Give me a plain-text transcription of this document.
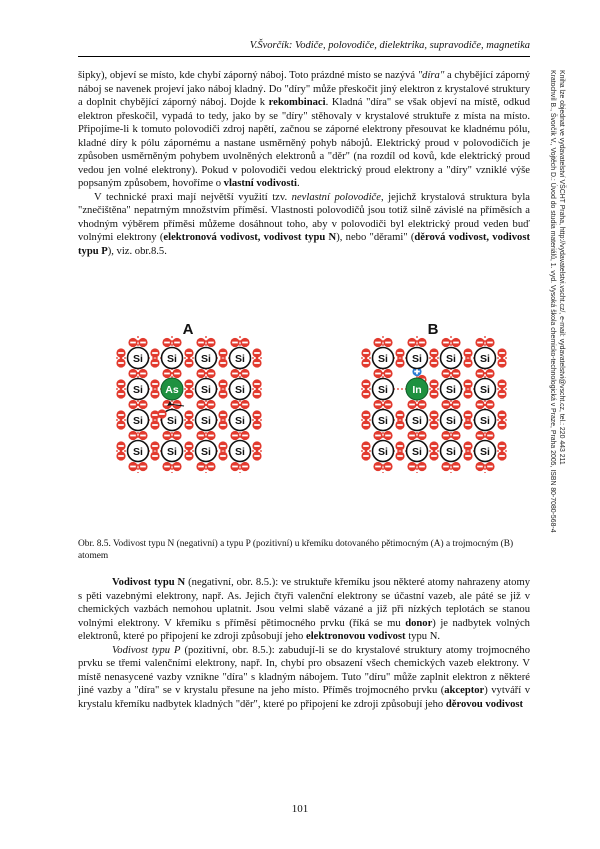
V.Švorčík: Vodiče, polovodiče, dielektrika, supravodiče, magnetika
Kratochvíl B., Švorčík V., Vojtěch D.: Úvod do studia materiálů, 1. vyd. Vysoká škola chemicko-technologická v Praze, Praha 2005, ISBN 80-7080-568-4 Kniha lze objednat ve vydavatelství VŠCHT Praha, http://vydavatelstvi.vscht.cz/, e-mail: vydavatelstvi@vscht.cz, tel.: 220 443 211

šipky), objeví se místo, kde chybí záporný náboj. Toto prázdné místo se nazývá "díra" a chybějící záporný náboj se navenek projeví jako náboj kladný. Do "díry" může přeskočit jiný elektron z krystalové struktury a doplnit chybějící záporný náboj. Dojde k rekombinaci. Kladná "díra" se však objeví na místě, odkud elektron přeskočil, vypadá to tedy, jako by se "díry" stěhovaly v krystalové struktuře z místa na místo. Připojíme-li k tomuto polovodiči zdroj napětí, začnou se záporné elektrony přesouvat ke kladnému pólu, kladné díry k pólu zápornému a nastane usměrněný pohyb nábojů. Elektrický proud v polovodičích je způsoben usměrněným pohybem uvolněných elektronů a "děr" (na rozdíl od kovů, kde elektrický proud vedou jen volné elektrony). Pokud v polovodiči vedou elektrický proud elektrony a "díry" vzniklé výše popsaným způsobem, hovoříme o vlastní vodivosti.

V technické praxi mají největší využití tzv. nevlastní polovodiče, jejichž krystalová struktura byla "znečištěna" nepatrným množstvím příměsí. Vlastnosti polovodičů jsou totiž silně závislé na příměsích a vhodným výběrem příměsi můžeme dosáhnout toho, aby v polovodiči byl elektrický proud veden buď volnými elektrony (elektronová vodivost, vodivost typu N), nebo "děrami" (děrová vodivost, vodivost typu P), viz. obr.8.5.

A	B
Si Si Si Si
Si As Si Si
Si Si Si Si
Si Si Si Si
Si Si Si Si
Si In Si Si
Si Si Si Si
Si Si Si Si
Obr. 8.5. Vodivost typu N (negativní) a typu P (pozitivní) u křemíku dotovaného pětimocným (A) a trojmocným (B) atomem

Vodivost typu N (negativní, obr. 8.5.): ve struktuře křemíku jsou některé atomy nahrazeny atomy s pěti vazebnými elektrony, např. As. Jejich čtyři valenční elektrony se účastní vazeb, ale páté se již v chemických vazbách nemohou uplatnit. Jsou velmi slabě vázané a již při nízkých teplotách se stanou volnými elektrony. V křemíku s příměsí pětimocného prvku (říká se mu donor) je nadbytek volných elektronů, které po připojení ke zdroji způsobují jeho elektronovou vodivost typu N.

Vodivost typu P (pozitivní, obr. 8.5.): zabudují-li se do krystalové struktury atomy trojmocného prvku se třemi valenčními elektrony, např. In, chybí pro obsazení všech chemických vazeb elektrony. V místě nenasycené vazby vznikne "díra" s kladným nábojem. Tuto "díru" může zaplnit elektron z některé jiné vazby a "díra" se v krystalu přesune na jeho místo. Příměs trojmocného prvku (akceptor) vytváří v krystalu křemíku nadbytek kladných "děr", které po připojení ke zdroji způsobují jeho děrovou vodivost

101
